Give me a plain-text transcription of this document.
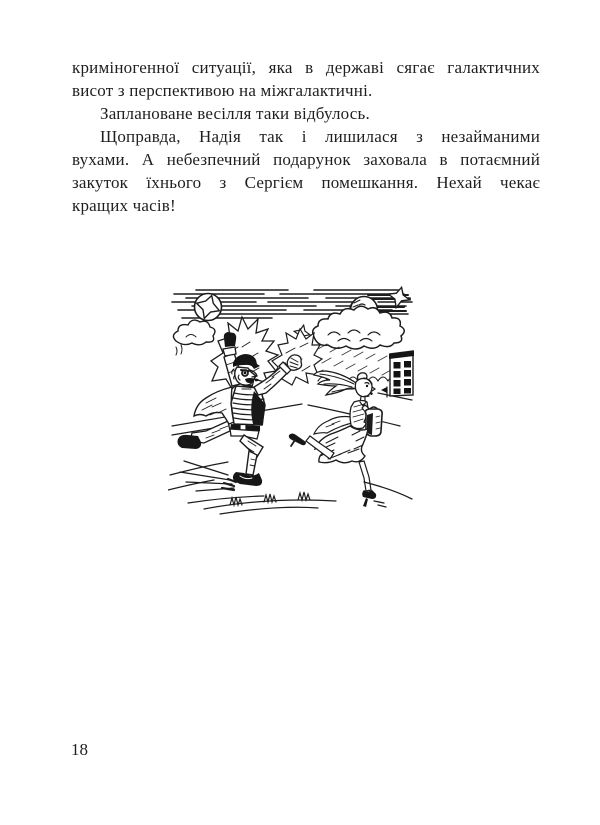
криміногенної ситуації, яка в державі сягає галактичних
висот з перспективою на міжгалактичні.
Заплановане весілля таки відбулось.
Щоправда, Надія так і лишилася з незайманими
вухами. А небезпечний подарунок заховала в потаємний
закуток їхнього з Сергієм помешкання. Нехай чекає
кращих часів!
18
